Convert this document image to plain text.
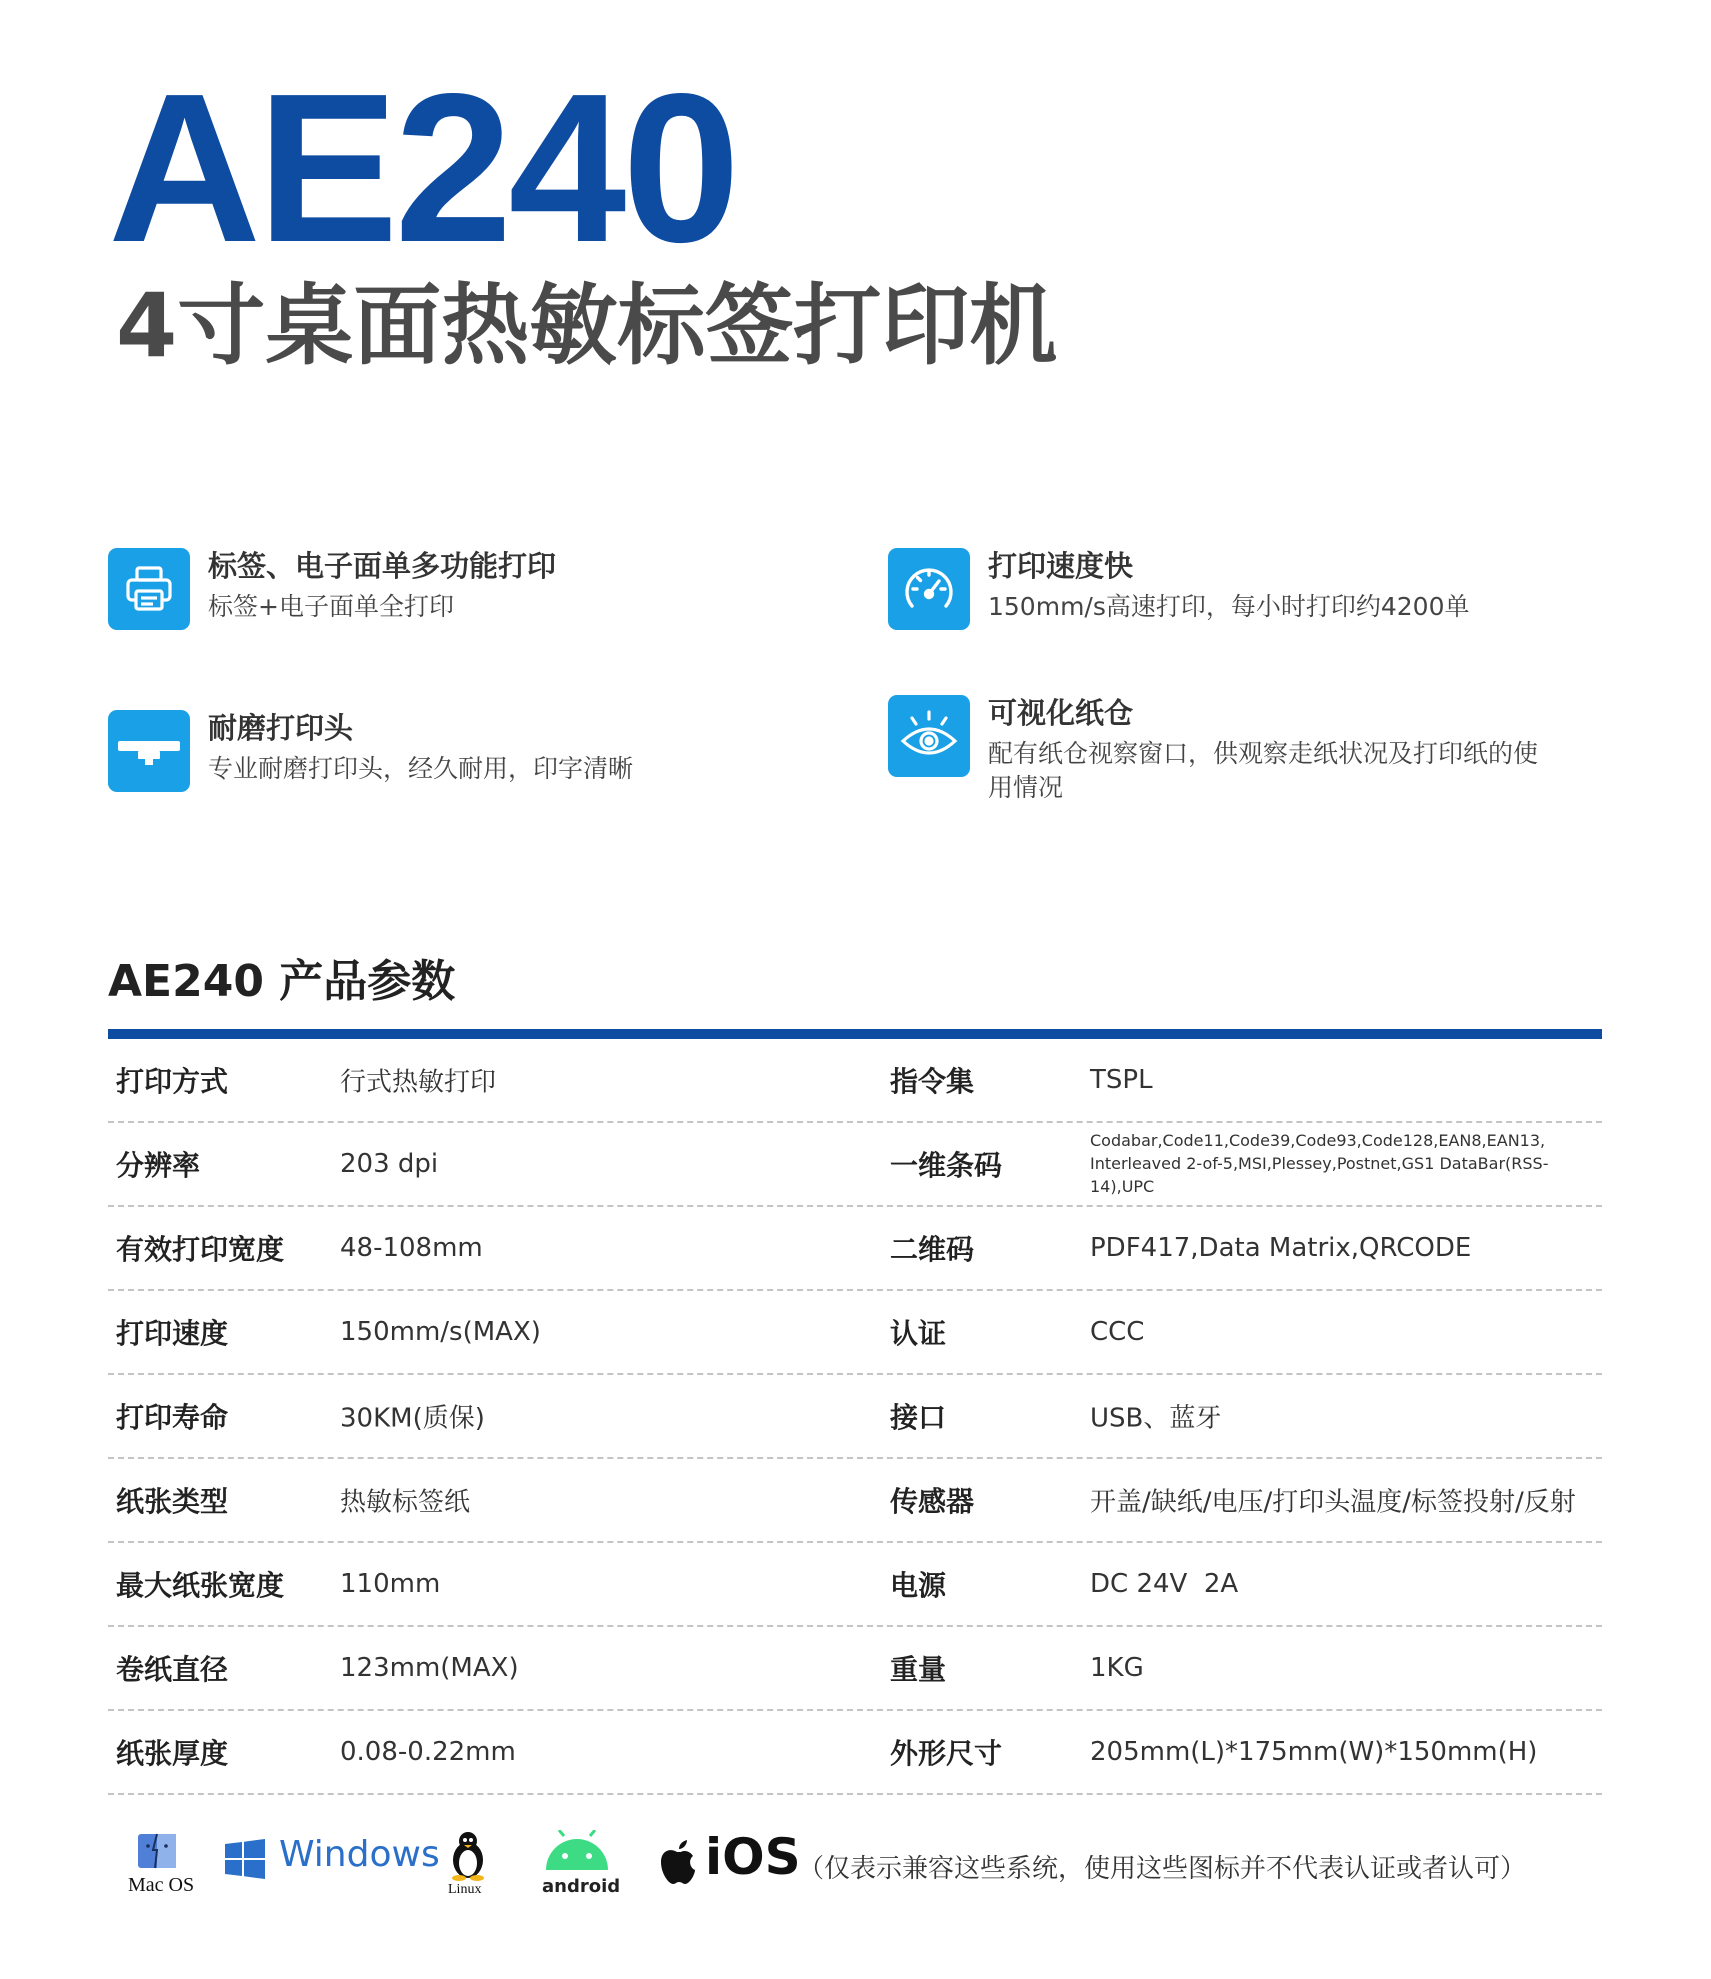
AE240
4寸桌面热敏标签打印机
标签、电子面单多功能打印
标签+电子面单全打印
打印速度快
150mm/s高速打印，每小时打印约4200单
耐磨打印头
专业耐磨打印头，经久耐用，印字清晰
可视化纸仓
配有纸仓视察窗口，供观察走纸状况及打印纸的使用情况
AE240 产品参数
打印方式	行式热敏打印	指令集	TSPL
分辨率	203 dpi	一维条码
Codabar,Code11,Code39,Code93,Code128,EAN8,EAN13,
Interleaved 2-of-5,MSI,Plessey,Postnet,GS1 DataBar(RSS-14),UPC
有效打印宽度 48-108mm	二维码	PDF417,Data Matrix,QRCODE
打印速度	150mm/s(MAX)	认证	CCC
打印寿命	30KM(质保)	接口	USB、蓝牙
纸张类型	热敏标签纸	传感器	开盖/缺纸/电压/打印头温度/标签投射/反射
最大纸张宽度 110mm	电源	DC 24V  2A
卷纸直径	123mm(MAX)	重量	1KG
纸张厚度	0.08-0.22mm	外形尺寸	205mm(L)*175mm(W)*150mm(H)
Mac OS
Windows
Linux	android
iOS
（仅表示兼容这些系统，使用这些图标并不代表认证或者认可）
